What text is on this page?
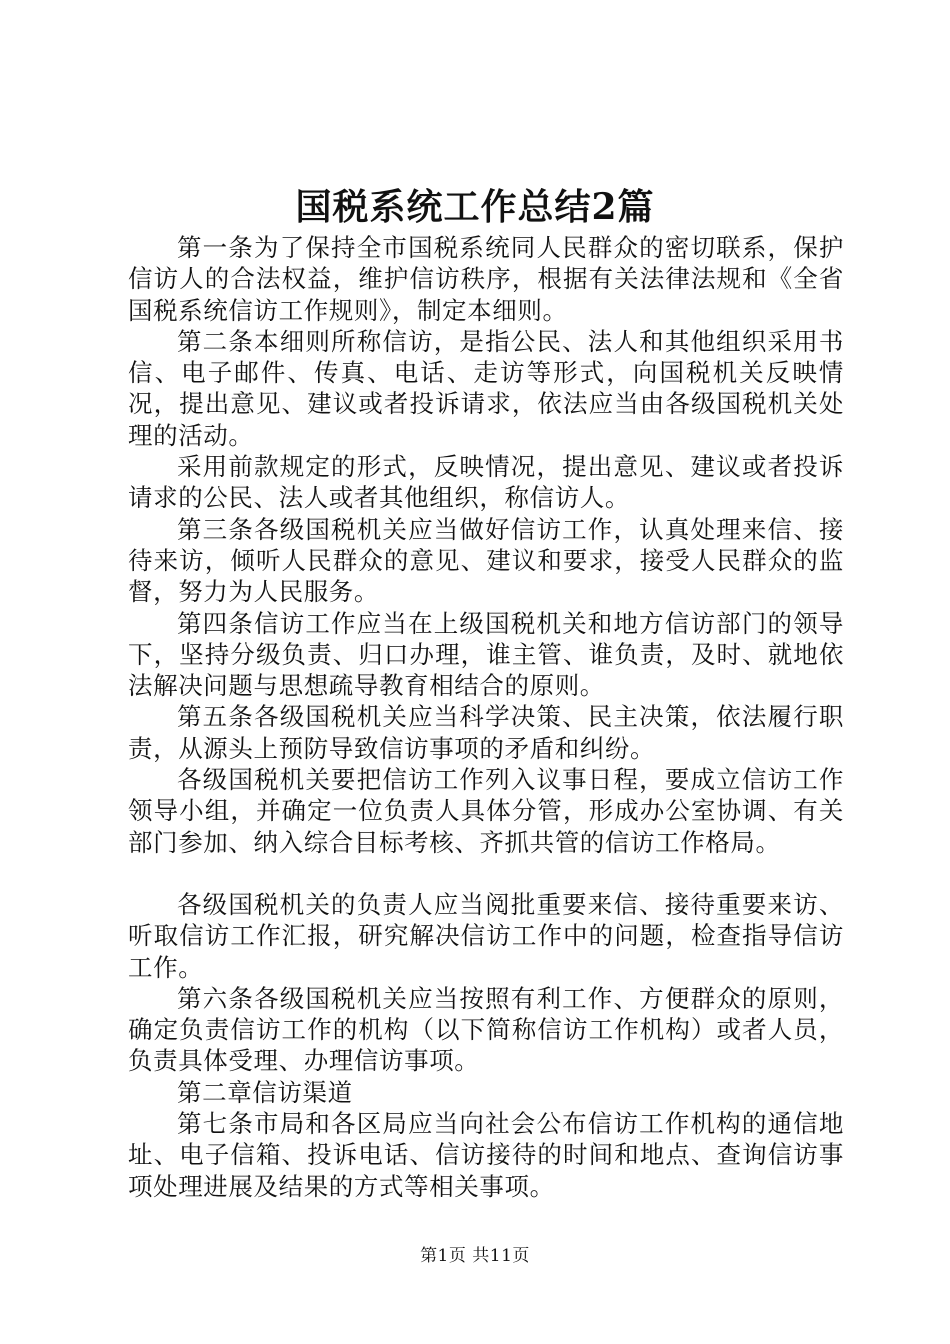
国税系统工作总结2篇

第一条为了保持全市国税系统同人民群众的密切联系，保护信访人的合法权益，维护信访秩序，根据有关法律法规和《全省国税系统信访工作规则》，制定本细则。

第二条本细则所称信访，是指公民、法人和其他组织采用书信、电子邮件、传真、电话、走访等形式，向国税机关反映情况，提出意见、建议或者投诉请求，依法应当由各级国税机关处理的活动。

采用前款规定的形式，反映情况，提出意见、建议或者投诉请求的公民、法人或者其他组织，称信访人。

第三条各级国税机关应当做好信访工作，认真处理来信、接待来访，倾听人民群众的意见、建议和要求，接受人民群众的监督，努力为人民服务。

第四条信访工作应当在上级国税机关和地方信访部门的领导下，坚持分级负责、归口办理，谁主管、谁负责，及时、就地依法解决问题与思想疏导教育相结合的原则。

第五条各级国税机关应当科学决策、民主决策，依法履行职责，从源头上预防导致信访事项的矛盾和纠纷。

各级国税机关要把信访工作列入议事日程，要成立信访工作领导小组，并确定一位负责人具体分管，形成办公室协调、有关部门参加、纳入综合目标考核、齐抓共管的信访工作格局。

各级国税机关的负责人应当阅批重要来信、接待重要来访、听取信访工作汇报，研究解决信访工作中的问题，检查指导信访工作。

第六条各级国税机关应当按照有利工作、方便群众的原则，确定负责信访工作的机构（以下简称信访工作机构）或者人员，负责具体受理、办理信访事项。

第二章信访渠道

第七条市局和各区局应当向社会公布信访工作机构的通信地址、电子信箱、投诉电话、信访接待的时间和地点、查询信访事项处理进展及结果的方式等相关事项。

第1页 共11页
